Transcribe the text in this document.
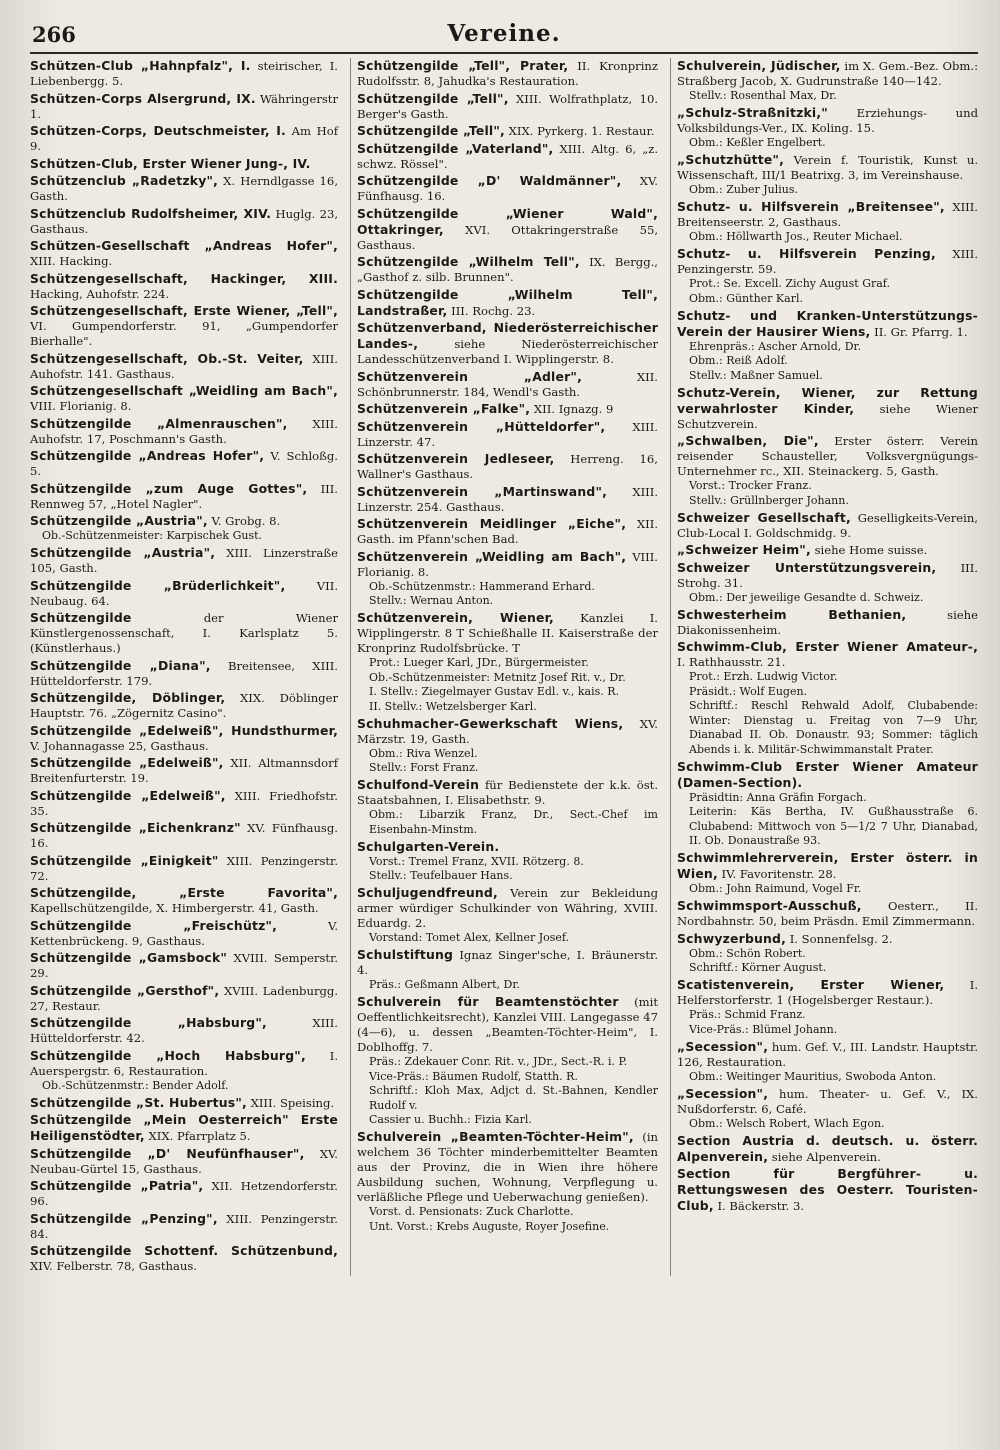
266	Vereine.

Schützen-Club „Hahnpfalz", I. steirischer, I. Liebenbergg. 5.

Schützen-Corps Alsergrund, IX. Währingerstr 1.

Schützen-Corps, Deutschmeister, I. Am Hof 9.

Schützen-Club, Erster Wiener Jung-, IV.

Schützenclub „Radetzky", X. Herndlgasse 16, Gasth.

Schützenclub Rudolfsheimer, XIV. Huglg. 23, Gasthaus.

Schützen-Gesellschaft „Andreas Hofer", XIII. Hacking.

Schützengesellschaft, Hackinger, XIII. Hacking, Auhofstr. 224.

Schützengesellschaft, Erste Wiener, „Tell", VI. Gumpendorferstr. 91, „Gumpendorfer Bierhalle".

Schützengesellschaft, Ob.-St. Veiter, XIII. Auhofstr. 141. Gasthaus.

Schützengesellschaft „Weidling am Bach", VIII. Florianig. 8.

Schützengilde „Almenrauschen", XIII. Auhofstr. 17, Poschmann's Gasth.

Schützengilde „Andreas Hofer", V. Schloßg. 5.

Schützengilde „zum Auge Gottes", III. Rennweg 57, „Hotel Nagler".

Schützengilde „Austria", V. Grobg. 8.
Ob.-Schützenmeister: Karpischek Gust.

Schützengilde „Austria", XIII. Linzerstraße 105, Gasth.

Schützengilde „Brüderlichkeit",	VII. Neubaug. 64.

Schützengilde	der Wiener Künstlergenossenschaft, I. Karlsplatz 5. (Künstlerhaus.)

Schützengilde „Diana", Breitensee, XIII. Hütteldorferstr. 179.

Schützengilde, Döblinger, XIX. Döblinger Hauptstr. 76. „Zögernitz Casino".

Schützengilde „Edelweiß", Hundsthurmer, V. Johannagasse 25, Gasthaus.

Schützengilde „Edelweiß", XII. Altmannsdorf Breitenfurterstr. 19.

Schützengilde „Edelweiß", XIII. Friedhofstr. 35.

Schützengilde „Eichenkranz" XV. Fünfhausg. 16.

Schützengilde „Einigkeit" XIII. Penzingerstr. 72.

Schützengilde, „Erste Favorita", Kapellschützengilde, X. Himbergerstr. 41, Gasth.

Schützengilde „Freischütz",	V. Kettenbrückeng. 9, Gasthaus.

Schützengilde „Gamsbock" XVIII. Semperstr. 29.

Schützengilde „Gersthof", XVIII. Ladenburgg. 27, Restaur.

Schützengilde „Habsburg",	XIII. Hütteldorferstr. 42.

Schützengilde „Hoch Habsburg", I. Auerspergstr. 6, Restauration.
Ob.-Schützenmstr.: Bender Adolf.

Schützengilde „St. Hubertus", XIII. Speising.

Schützengilde „Mein Oesterreich" Erste Heiligenstödter, XIX. Pfarrplatz 5.

Schützengilde „D' Neufünfhauser", XV. Neubau-Gürtel 15, Gasthaus.

Schützengilde „Patria", XII. Hetzendorferstr. 96.

Schützengilde „Penzing", XIII. Penzingerstr. 84.

Schützengilde Schottenf. Schützenbund, XIV. Felberstr. 78, Gasthaus.

Schützengilde „Tell", Prater, II. Kronprinz Rudolfsstr. 8, Jahudka's Restauration.

Schützengilde „Tell", XIII. Wolfrathplatz, 10. Berger's Gasth.

Schützengilde „Tell", XIX. Pyrkerg. 1. Restaur.

Schützengilde „Vaterland", XIII. Altg. 6, „z. schwz. Rössel".

Schützengilde „D' Waldmänner", XV. Fünfhausg. 16.

Schützengilde „Wiener Wald", Ottakringer, XVI. Ottakringerstraße 55, Gasthaus.

Schützengilde „Wilhelm Tell", IX. Bergg., „Gasthof z. silb. Brunnen".

Schützengilde „Wilhelm Tell", Landstraßer, III. Rochg. 23.

Schützenverband, Niederösterreichischer Landes-,	siehe Niederösterreichischer Landesschützenverband I. Wipplingerstr. 8.

Schützenverein „Adler",	XII. Schönbrunnerstr. 184, Wendl's Gasth.

Schützenverein „Falke", XII. Ignazg. 9

Schützenverein „Hütteldorfer", XIII. Linzerstr. 47.

Schützenverein Jedleseer, Herreng. 16, Wallner's Gasthaus.

Schützenverein „Martinswand", XIII. Linzerstr. 254. Gasthaus.

Schützenverein Meidlinger „Eiche", XII. Gasth. im Pfann'schen Bad.

Schützenverein „Weidling am Bach", VIII. Florianig. 8.
Ob.-Schützenmstr.: Hammerand Erhard.
Stellv.: Wernau Anton.

Schützenverein, Wiener, Kanzlei I. Wipplingerstr. 8 T Schießhalle II. Kaiserstraße der Kronprinz Rudolfsbrücke. T
Prot.: Lueger Karl, JDr., Bürgermeister.
Ob.-Schützenmeister: Metnitz Josef Rit. v., Dr.
I. Stellv.: Ziegelmayer Gustav Edl. v., kais. R.
II. Stellv.: Wetzelsberger Karl.

Schuhmacher-Gewerkschaft Wiens, XV. Märzstr. 19, Gasth.
Obm.: Riva Wenzel.
Stellv.: Forst Franz.

Schulfond-Verein für Bedienstete der k.k. öst. Staatsbahnen, I. Elisabethstr. 9.
Obm.: Libarzik Franz, Dr., Sect.-Chef im Eisenbahn-Minstm.

Schulgarten-Verein.
Vorst.: Tremel Franz, XVII. Rötzerg. 8.
Stellv.: Teufelbauer Hans.

Schuljugendfreund, Verein zur Bekleidung armer würdiger Schulkinder von Währing, XVIII. Eduardg. 2.
Vorstand: Tomet Alex, Kellner Josef.

Schulstiftung Ignaz Singer'sche, I. Bräunerstr. 4.
Präs.: Geßmann Albert, Dr.

Schulverein für Beamtenstöchter (mit Oeffentlichkeitsrecht), Kanzlei VIII. Langegasse 47 (4—6), u. dessen „Beamten-Töchter-Heim", I. Doblhoffg. 7.
Präs.: Zdekauer Conr. Rit. v., JDr., Sect.-R. i. P.
Vice-Präs.: Bäumen Rudolf, Statth. R.
Schriftf.: Kloh Max, Adjct d. St.-Bahnen, Kendler Rudolf v.
Cassier u. Buchh.: Fizia Karl.

Schulverein „Beamten-Töchter-Heim", (in welchem 36 Töchter minderbemittelter Beamten aus der Provinz, die in Wien ihre höhere Ausbildung suchen, Wohnung, Verpflegung u. verläßliche Pflege und Ueberwachung genießen).
Vorst. d. Pensionats: Zuck Charlotte.
Unt. Vorst.: Krebs Auguste, Royer Josefine.

Schulverein, Jüdischer, im X. Gem.-Bez. Obm.: Straßberg Jacob, X. Gudrunstraße 140—142.
Stellv.: Rosenthal Max, Dr.

„Schulz-Straßnitzki," Erziehungs- und Volksbildungs-Ver., IX. Koling. 15.
Obm.: Keßler Engelbert.

„Schutzhütte", Verein f. Touristik, Kunst u. Wissenschaft, III/1 Beatrixg. 3, im Vereinshause.
Obm.: Zuber Julius.

Schutz- u. Hilfsverein „Breitensee", XIII. Breitenseerstr. 2, Gasthaus.
Obm.: Höllwarth Jos., Reuter Michael.

Schutz- u. Hilfsverein Penzing, XIII. Penzingerstr. 59.
Prot.: Se. Excell. Zichy August Graf.
Obm.: Günther Karl.

Schutz- und Kranken-Unterstützungs-Verein der Hausirer Wiens, II. Gr. Pfarrg. 1.
Ehrenpräs.: Ascher Arnold, Dr.
Obm.: Reiß Adolf.
Stellv.: Maßner Samuel.

Schutz-Verein, Wiener, zur Rettung verwahrloster Kinder, siehe Wiener Schutzverein.

„Schwalben, Die", Erster österr. Verein reisender Schausteller, Volksvergnügungs-Unternehmer rc., XII. Steinackerg. 5, Gasth.
Vorst.: Trocker Franz.
Stellv.: Grüllnberger Johann.

Schweizer Gesellschaft, Geselligkeits-Verein, Club-Local I. Goldschmidg. 9.

„Schweizer Heim", siehe Home suisse.

Schweizer Unterstützungsverein, III. Strohg. 31.
Obm.: Der jeweilige Gesandte d. Schweiz.

Schwesterheim Bethanien,	siehe Diakonissenheim.

Schwimm-Club, Erster Wiener Amateur-, I. Rathhausstr. 21.
Prot.: Erzh. Ludwig Victor.
Präsidt.: Wolf Eugen.
Schriftf.: Reschl Rehwald Adolf, Clubabende: Winter: Dienstag u. Freitag von 7—9 Uhr, Dianabad II. Ob. Donaustr. 93; Sommer: täglich Abends i. k. Militär-Schwimmanstalt Prater.

Schwimm-Club Erster Wiener Amateur (Damen-Section).
Präsidtin: Anna Gräfin Forgach.
Leiterin: Käs Bertha, IV. Gußhausstraße 6. Clubabend: Mittwoch von 5—1/2 7 Uhr, Dianabad, II. Ob. Donaustraße 93.

Schwimmlehrerverein, Erster österr. in Wien, IV. Favoritenstr. 28.
Obm.: John Raimund, Vogel Fr.

Schwimmsport-Ausschuß, Oesterr., II. Nordbahnstr. 50, beim Präsdn. Emil Zimmermann.

Schwyzerbund, I. Sonnenfelsg. 2.
Obm.: Schön Robert.
Schriftf.: Körner August.

Scatistenverein, Erster Wiener, I. Helferstorferstr. 1 (Hogelsberger Restaur.).
Präs.: Schmid Franz.
Vice-Präs.: Blümel Johann.

„Secession", hum. Gef. V., III. Landstr. Hauptstr. 126, Restauration.
Obm.: Weitinger Mauritius, Swoboda Anton.

„Secession", hum. Theater- u. Gef. V., IX. Nußdorferstr. 6, Café.
Obm.: Welsch Robert, Wlach Egon.

Section Austria d. deutsch. u. österr. Alpenverein, siehe Alpenverein.

Section für Bergführer- u. Rettungswesen des Oesterr. Touristen-Club, I. Bäckerstr. 3.
